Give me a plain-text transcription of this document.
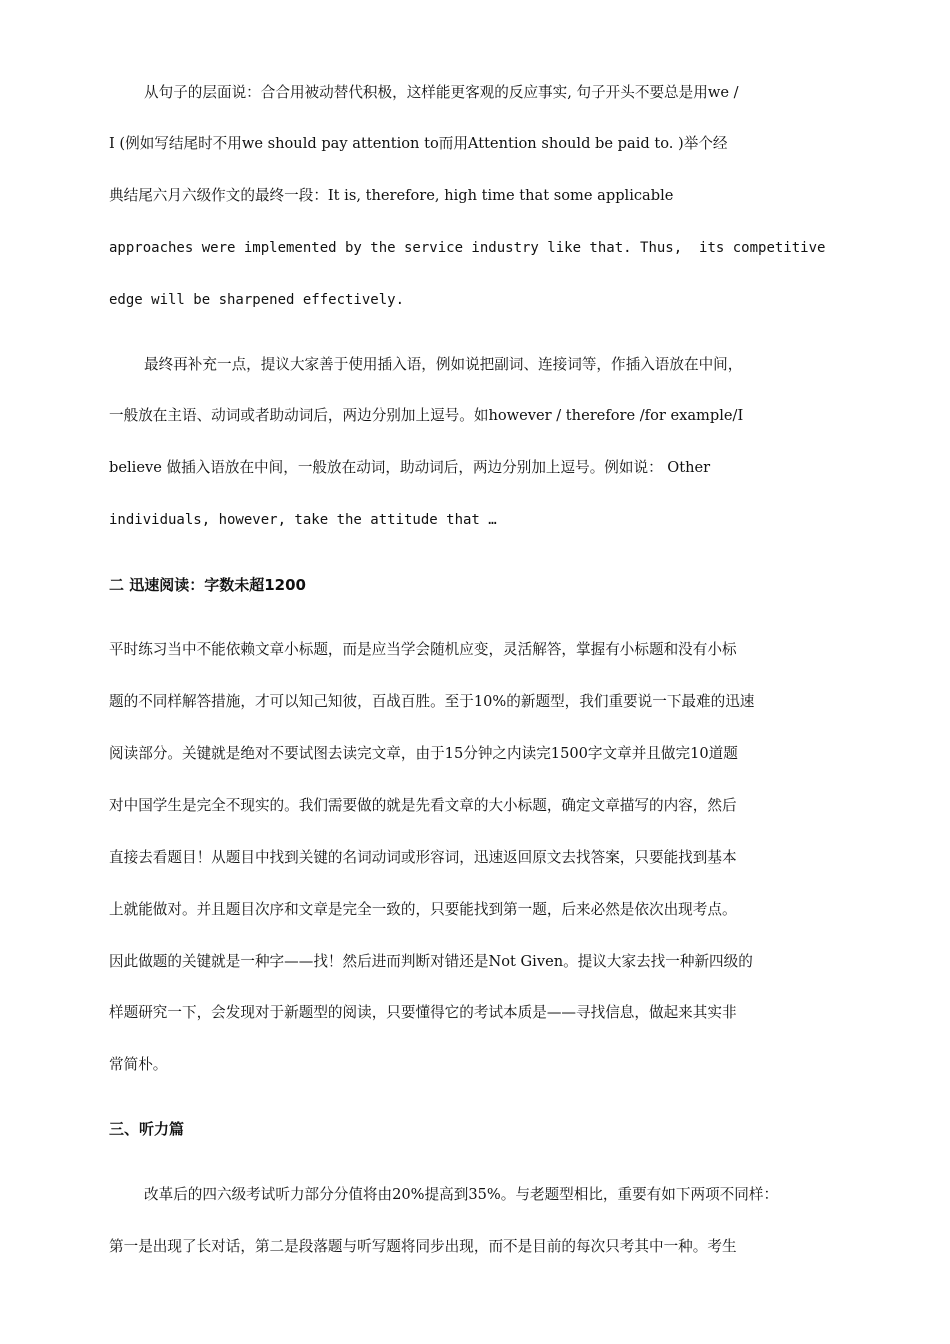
从句子的层面说：合合用被动替代积极，这样能更客观的反应事实, 句子开头不要总是用we /
I (例如写结尾时不用we should pay attention to而用Attention should be paid to. )举个经
典结尾六月六级作文的最终一段：It is, therefore, high time that some applicable
approaches were implemented by the service industry like that. Thus,  its competitive
edge will be sharpened effectively.
最终再补充一点，提议大家善于使用插入语，例如说把副词、连接词等，作插入语放在中间，
一般放在主语、动词或者助动词后，两边分别加上逗号。如however / therefore /for example/I
believe 做插入语放在中间，一般放在动词，助动词后，两边分别加上逗号。例如说： Other
individuals, however, take the attitude that …
二 迅速阅读：字数未超1200
平时练习当中不能依赖文章小标题，而是应当学会随机应变，灵活解答，掌握有小标题和没有小标
题的不同样解答措施，才可以知己知彼，百战百胜。至于10%的新题型，我们重要说一下最难的迅速
阅读部分。关键就是绝对不要试图去读完文章，由于15分钟之内读完1500字文章并且做完10道题
对中国学生是完全不现实的。我们需要做的就是先看文章的大小标题，确定文章描写的内容，然后
直接去看题目！从题目中找到关键的名词动词或形容词，迅速返回原文去找答案，只要能找到基本
上就能做对。并且题目次序和文章是完全一致的，只要能找到第一题，后来必然是依次出现考点。
因此做题的关键就是一种字——找！然后进而判断对错还是Not Given。提议大家去找一种新四级的
样题研究一下，会发现对于新题型的阅读，只要懂得它的考试本质是——寻找信息，做起来其实非
常简朴。
三、听力篇
改革后的四六级考试听力部分分值将由20%提高到35%。与老题型相比，重要有如下两项不同样：
第一是出现了长对话，第二是段落题与听写题将同步出现，而不是目前的每次只考其中一种。考生
